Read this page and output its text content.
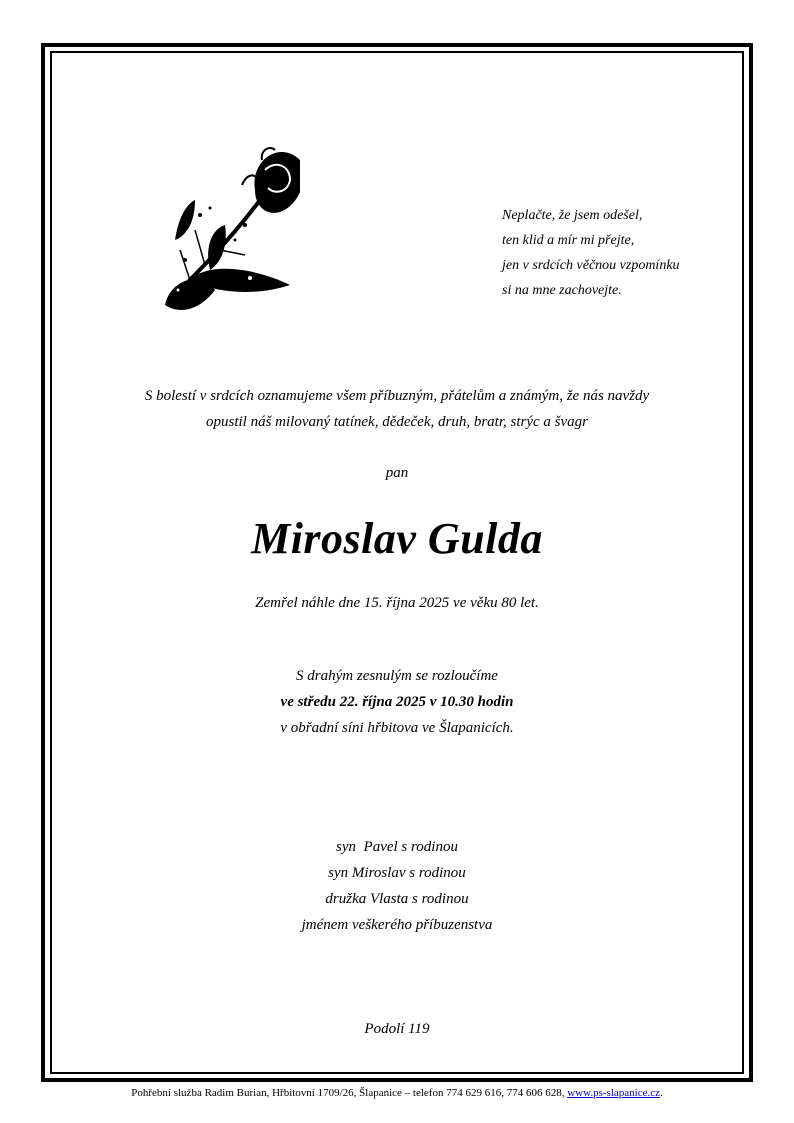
Neplačte, že jsem odešel,
ten klid a mír mi přejte,
jen v srdcích věčnou vzpomínku
si na mne zachovejte.
S bolestí v srdcích oznamujeme všem příbuzným, přátelům a známým, že nás navždy
opustil náš milovaný tatínek, dědeček, druh, bratr, strýc a švagr
pan
Miroslav Gulda
Zemřel náhle dne 15. října 2025 ve věku 80 let.
S drahým zesnulým se rozloučíme
ve středu 22. října 2025 v 10.30 hodin
v obřadní síni hřbitova ve Šlapanicích.
syn  Pavel s rodinou
syn Miroslav s rodinou
družka Vlasta s rodinou
jménem veškerého příbuzenstva
Podolí 119
Pohřební služba Radim Burian, Hřbitovní 1709/26, Šlapanice – telefon 774 629 616, 774 606 628, www.ps-slapanice.cz.
